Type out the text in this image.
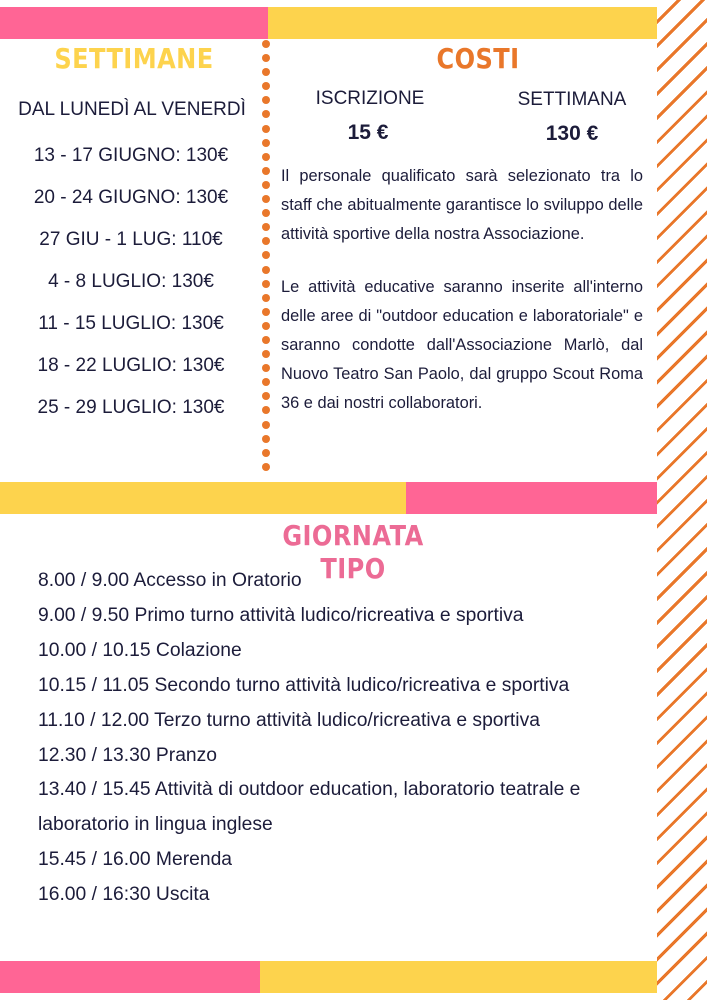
SETTIMANE
DAL LUNEDÌ AL VENERDÌ
13 - 17 GIUGNO: 130€
20 - 24 GIUGNO: 130€
27 GIU - 1 LUG: 110€
4 - 8 LUGLIO: 130€
11 - 15 LUGLIO: 130€
18 - 22 LUGLIO: 130€
25 - 29 LUGLIO: 130€
COSTI
ISCRIZIONE
15 €
SETTIMANA
130 €

Il personale qualificato sarà selezionato tra lo staff che abitualmente garantisce lo sviluppo delle attività sportive della nostra Associazione.

Le attività educative saranno inserite all'interno delle aree di "outdoor education e laboratoriale" e saranno condotte dall'Associazione Marlò, dal Nuovo Teatro San Paolo, dal gruppo Scout Roma 36 e dai nostri collaboratori.

GIORNATA TIPO
8.00 / 9.00 Accesso in Oratorio
9.00 / 9.50 Primo turno attività ludico/ricreativa e sportiva
10.00 / 10.15 Colazione
10.15 / 11.05 Secondo turno attività ludico/ricreativa e sportiva
11.10 / 12.00 Terzo turno attività ludico/ricreativa e sportiva
12.30 / 13.30 Pranzo
13.40 / 15.45 Attività di outdoor education, laboratorio teatrale e
laboratorio in lingua inglese
15.45 / 16.00 Merenda
16.00 / 16:30 Uscita
